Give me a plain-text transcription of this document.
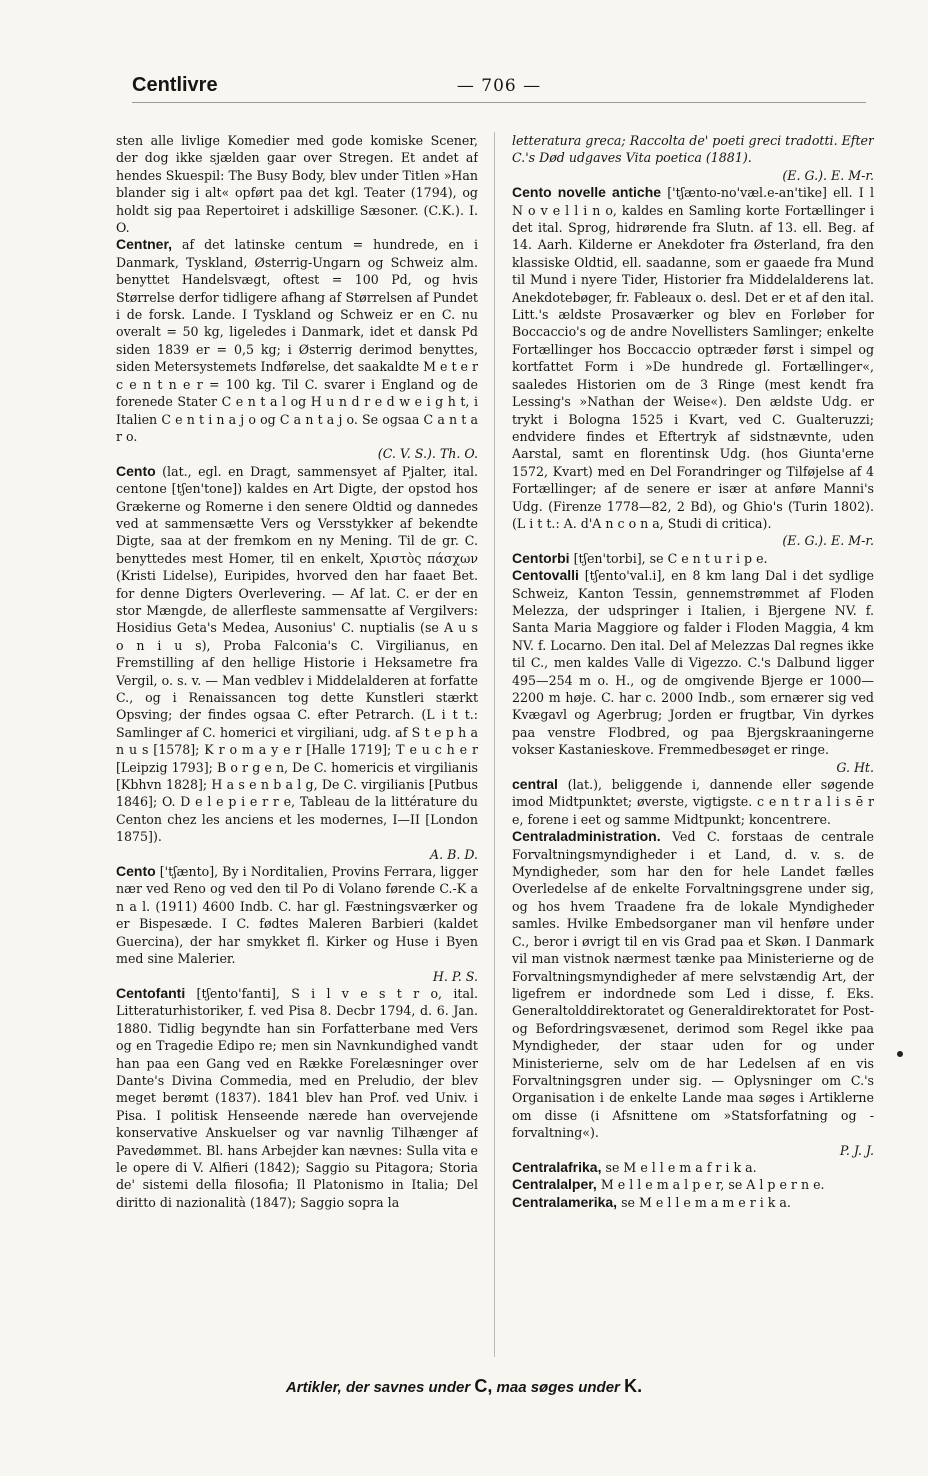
Centlivre	— 706 —

sten alle livlige Komedier med gode komiske Scener, der dog ikke sjælden gaar over Stregen. Et andet af hendes Skuespil: The Busy Body, blev under Titlen »Han blander sig i alt« opført paa det kgl. Teater (1794), og holdt sig paa Repertoiret i adskillige Sæsoner. (C.K.). I. O.

Centner, af det latinske centum = hundrede, en i Danmark, Tyskland, Østerrig-Ungarn og Schweiz alm. benyttet Handelsvægt, oftest = 100 Pd, og hvis Størrelse derfor tidligere afhang af Størrelsen af Pundet i de forsk. Lande. I Tyskland og Schweiz er en C. nu overalt = 50 kg, ligeledes i Danmark, idet et dansk Pd siden 1839 er = 0,5 kg; i Østerrig derimod benyttes, siden Metersystemets Indførelse, det saakaldte M e t e r c e n t n e r = 100 kg. Til C. svarer i England og de forenede Stater C e n t a l og H u n d r e d w e i g h t, i Italien C e n t i n a j o og C a n t a j o. Se ogsaa C a n t a r o.
(C. V. S.). Th. O.

Cento (lat., egl. en Dragt, sammensyet af Pjalter, ital. centone [tʃen'tone]) kaldes en Art Digte, der opstod hos Grækerne og Romerne i den senere Oldtid og dannedes ved at sammensætte Vers og Versstykker af bekendte Digte, saa at der fremkom en ny Mening. Til de gr. C. benyttedes mest Homer, til en enkelt, Χριστὸς πάσχων (Kristi Lidelse), Euripides, hvorved den har faaet Bet. for denne Digters Overlevering. — Af lat. C. er der en stor Mængde, de allerfleste sammensatte af Vergilvers: Hosidius Geta's Medea, Ausonius' C. nuptialis (se A u s o n i u s), Proba Falconia's C. Virgilianus, en Fremstilling af den hellige Historie i Heksametre fra Vergil, o. s. v. — Man vedblev i Middelalderen at forfatte C., og i Renaissancen tog dette Kunstleri stærkt Opsving; der findes ogsaa C. efter Petrarch. (L i t t.: Samlinger af C. homerici et virgiliani, udg. af S t e p h a n u s [1578]; K r o m a y e r [Halle 1719]; T e u c h e r [Leipzig 1793]; B o r g e n, De C. homericis et virgilianis [Kbhvn 1828]; H a s e n b a l g, De C. virgilianis [Putbus 1846]; O. D e l e p i e r r e, Tableau de la littérature du Centon chez les anciens et les modernes, I—II [London 1875]).
A. B. D.

Cento ['tʃænto], By i Norditalien, Provins Ferrara, ligger nær ved Reno og ved den til Po di Volano førende C.-K a n a l. (1911) 4600 Indb. C. har gl. Fæstningsværker og er Bispesæde. I C. fødtes Maleren Barbieri (kaldet Guercina), der har smykket fl. Kirker og Huse i Byen med sine Malerier.
H. P. S.

Centofanti [tʃento'fanti], S i l v e s t r o, ital. Litteraturhistoriker, f. ved Pisa 8. Decbr 1794, d. 6. Jan. 1880. Tidlig begyndte han sin Forfatterbane med Vers og en Tragedie Edipo re; men sin Navnkundighed vandt han paa een Gang ved en Række Forelæsninger over Dante's Divina Commedia, med en Preludio, der blev meget berømt (1837). 1841 blev han Prof. ved Univ. i Pisa. I politisk Henseende nærede han overvejende konservative Anskuelser og var navnlig Tilhænger af Pavedømmet. Bl. hans Arbejder kan nævnes: Sulla vita e le opere di V. Alfieri (1842); Saggio su Pitagora; Storia de' sistemi della filosofia; Il Platonismo in Italia; Del diritto di nazionalità (1847); Saggio sopra la

letteratura greca; Raccolta de' poeti greci tradotti. Efter C.'s Død udgaves Vita poetica (1881).
(E. G.). E. M-r.

Cento novelle antiche ['tʃænto-no'væl.e-an'tike] ell. I l N o v e l l i n o, kaldes en Samling korte Fortællinger i det ital. Sprog, hidrørende fra Slutn. af 13. ell. Beg. af 14. Aarh. Kilderne er Anekdoter fra Østerland, fra den klassiske Oldtid, ell. saadanne, som er gaaede fra Mund til Mund i nyere Tider, Historier fra Middelalderens lat. Anekdotebøger, fr. Fableaux o. desl. Det er et af den ital. Litt.'s ældste Prosaværker og blev en Forløber for Boccaccio's og de andre Novellisters Samlinger; enkelte Fortællinger hos Boccaccio optræder først i simpel og kortfattet Form i »De hundrede gl. Fortællinger«, saaledes Historien om de 3 Ringe (mest kendt fra Lessing's »Nathan der Weise«). Den ældste Udg. er trykt i Bologna 1525 i Kvart, ved C. Gualteruzzi; endvidere findes et Eftertryk af sidstnævnte, uden Aarstal, samt en florentinsk Udg. (hos Giunta'erne 1572, Kvart) med en Del Forandringer og Tilføjelse af 4 Fortællinger; af de senere er især at anføre Manni's Udg. (Firenze 1778—82, 2 Bd), og Ghio's (Turin 1802). (L i t t.: A. d'A n c o n a, Studi di critica).
(E. G.). E. M-r.

Centorbi [tʃen'torbi], se C e n t u r i p e.

Centovalli [tʃento'val.i], en 8 km lang Dal i det sydlige Schweiz, Kanton Tessin, gennemstrømmet af Floden Melezza, der udspringer i Italien, i Bjergene NV. f. Santa Maria Maggiore og falder i Floden Maggia, 4 km NV. f. Locarno. Den ital. Del af Melezzas Dal regnes ikke til C., men kaldes Valle di Vigezzo. C.'s Dalbund ligger 495—254 m o. H., og de omgivende Bjerge er 1000—2200 m høje. C. har c. 2000 Indb., som ernærer sig ved Kvægavl og Agerbrug; Jorden er frugtbar, Vin dyrkes paa venstre Flodbred, og paa Bjergskraaningerne vokser Kastanieskove. Fremmedbesøget er ringe.
G. Ht.

central (lat.), beliggende i, dannende eller søgende imod Midtpunktet; øverste, vigtigste. c e n t r a l i s ē r e, forene i eet og samme Midtpunkt; koncentrere.

Centraladministration. Ved C. forstaas de centrale Forvaltningsmyndigheder i et Land, d. v. s. de Myndigheder, som har den for hele Landet fælles Overledelse af de enkelte Forvaltningsgrene under sig, og hos hvem Traadene fra de lokale Myndigheder samles. Hvilke Embedsorganer man vil henføre under C., beror i øvrigt til en vis Grad paa et Skøn. I Danmark vil man vistnok nærmest tænke paa Ministerierne og de Forvaltningsmyndigheder af mere selvstændig Art, der ligefrem er indordnede som Led i disse, f. Eks. Generaltolddirektoratet og Generaldirektoratet for Post- og Befordringsvæsenet, derimod som Regel ikke paa Myndigheder, der staar uden for og under Ministerierne, selv om de har Ledelsen af en vis Forvaltningsgren under sig. — Oplysninger om C.'s Organisation i de enkelte Lande maa søges i Artiklerne om disse (i Afsnittene om »Statsforfatning og -forvaltning«).
P. J. J.

Centralafrika, se M e l l e m a f r i k a.

Centralalper, M e l l e m a l p e r, se A l p e r n e.

Centralamerika, se M e l l e m a m e r i k a.

Artikler, der savnes under C, maa søges under K.
